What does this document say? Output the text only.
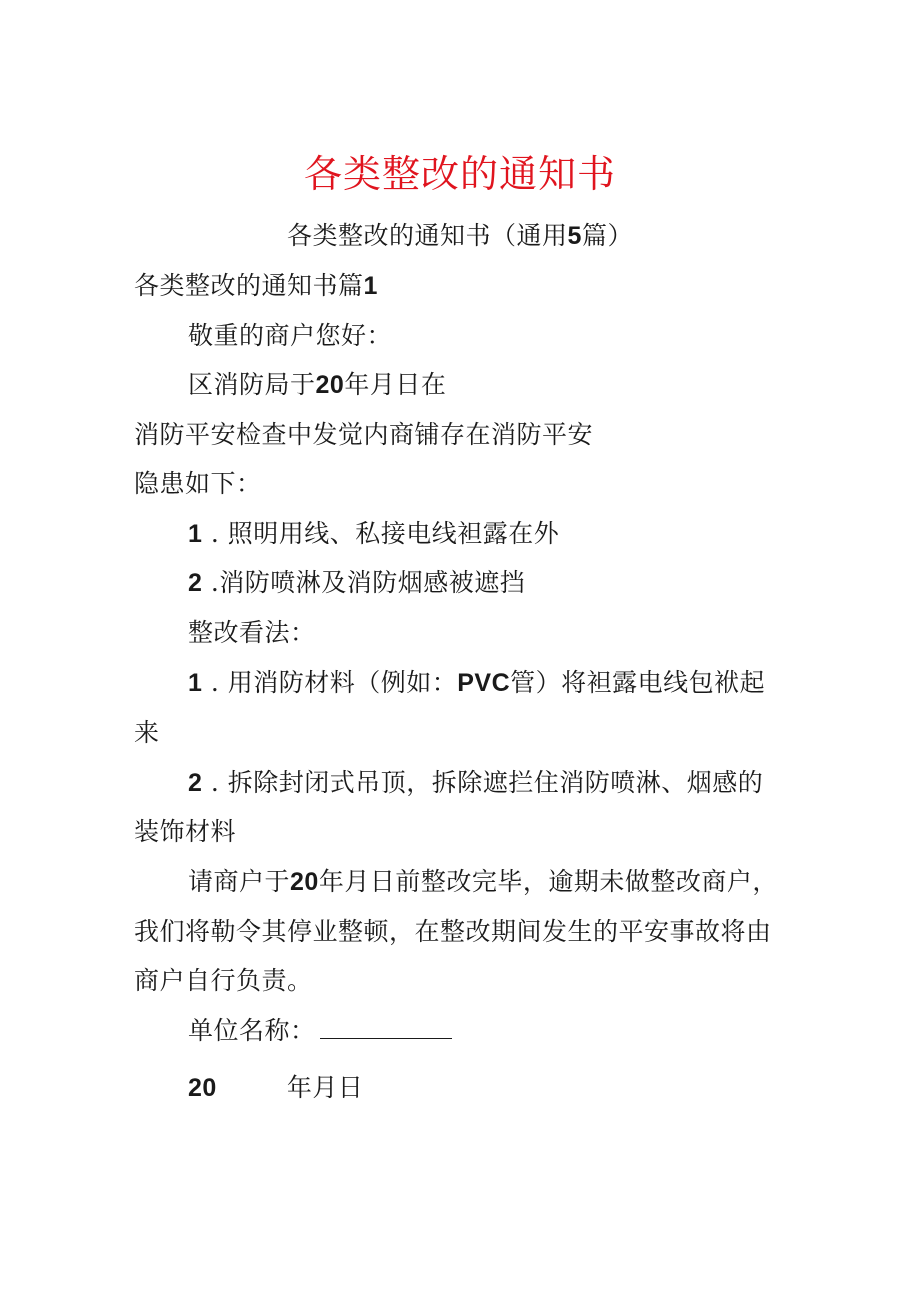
各类整改的通知书
各类整改的通知书（通用5篇）
各类整改的通知书篇1
敬重的商户您好：
区消防局于20年月日在
消防平安检查中发觉内商铺存在消防平安
隐患如下：
1 . 照明用线、私接电线袒露在外
2 .消防喷淋及消防烟感被遮挡
整改看法：
1 . 用消防材料（例如：PVC管）将袒露电线包袱起
来
2 . 拆除封闭式吊顶，拆除遮拦住消防喷淋、烟感的
装饰材料
请商户于20年月日前整改完毕，逾期未做整改商户，
我们将勒令其停业整顿，在整改期间发生的平安事故将由
商户自行负责。
单位名称：
20	年月日
